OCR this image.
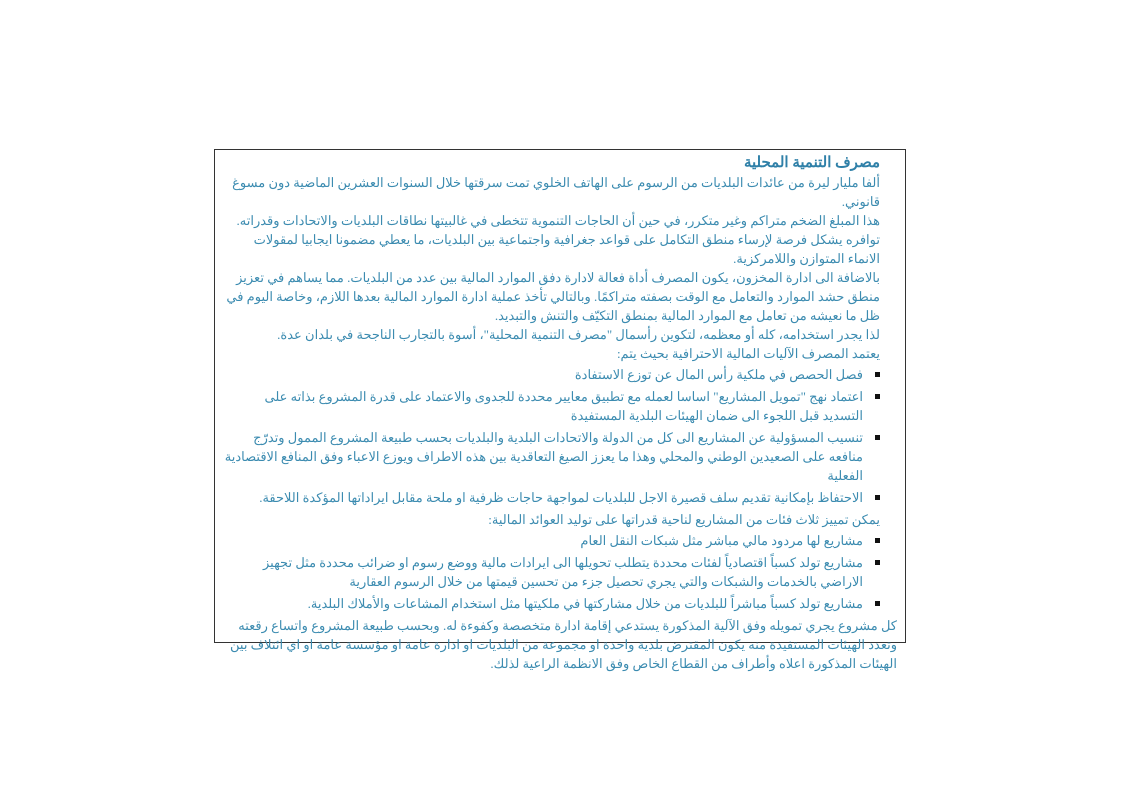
مصرف التنمية المحلية

ألفا مليار ليرة من عائدات البلديات من الرسوم على الهاتف الخلوي تمت سرقتها خلال السنوات العشرين الماضية دون مسوغ قانوني.

هذا المبلغ الضخم متراكم وغير متكرر، في حين أن الحاجات التنموية تتخطى في غالبيتها نطاقات البلديات والاتحادات وقدراته.

توافره يشكل فرصة لإرساء منطق التكامل على قواعد جغرافية واجتماعية بين البلديات، ما يعطي مضمونا ايجابيا لمقولات الانماء المتوازن واللامركزية.

بالاضافة الى ادارة المخزون، يكون المصرف أداة فعالة لادارة دفق الموارد المالية بين عدد من البلديات. مما يساهم في تعزيز منطق حشد الموارد والتعامل مع الوقت بصفته متراكمًا. وبالتالي تأخذ عملية ادارة الموارد المالية بعدها اللازم، وخاصة اليوم في ظل ما نعيشه من تعامل مع الموارد المالية بمنطق التكيّف والتنش والتبديد.

لذا يجدر استخدامه، كله أو معظمه، لتكوين رأسمال "مصرف التنمية المحلية"، أسوة بالتجارب الناجحة في بلدان عدة.

يعتمد المصرف الآليات المالية الاحترافية بحيث يتم:

فصل الحصص في ملكية رأس المال عن توزع الاستفادة
اعتماد نهج "تمويل المشاريع" اساسا لعمله مع تطبيق معايير محددة للجدوى والاعتماد على قدرة المشروع بذاته على التسديد قبل اللجوء الى ضمان الهيئات البلدية المستفيدة
تنسيب المسؤولية عن المشاريع الى كل من الدولة والاتحادات البلدية والبلديات بحسب طبيعة المشروع الممول وتدرّج منافعه على الصعيدين الوطني والمحلي وهذا ما يعزز الصيغ التعاقدية بين هذه الاطراف ويوزع الاعباء وفق المنافع الاقتصادية الفعلية
الاحتفاظ بإمكانية تقديم سلف قصيرة الاجل للبلديات لمواجهة حاجات ظرفية او ملحة مقابل ايراداتها المؤكدة اللاحقة.

يمكن تمييز ثلاث فئات من المشاريع لناحية قدراتها على توليد العوائد المالية:

مشاريع لها مردود مالي مباشر مثل شبكات النقل العام
مشاريع تولد كسباً اقتصادياً لفئات محددة يتطلب تحويلها الى ايرادات مالية ووضع رسوم او ضرائب محددة مثل تجهيز الاراضي بالخدمات والشبكات والتي يجري تحصيل جزء من تحسين قيمتها من خلال الرسوم العقارية
مشاريع تولد كسباً مباشراً للبلديات من خلال مشاركتها في ملكيتها مثل استخدام المشاعات والأملاك البلدية.

كل مشروع يجري تمويله وفق الآلية المذكورة يستدعي إقامة ادارة متخصصة وكفوءة له. وبحسب طبيعة المشروع واتساع رقعته وتعدد الهيئات المستفيدة منه يكون المقترض بلدية واحدة او مجموعة من البلديات او ادارة عامة او مؤسسة عامة او اي ائتلاف بين الهيئات المذكورة اعلاه وأطراف من القطاع الخاص وفق الانظمة الراعية لذلك.
